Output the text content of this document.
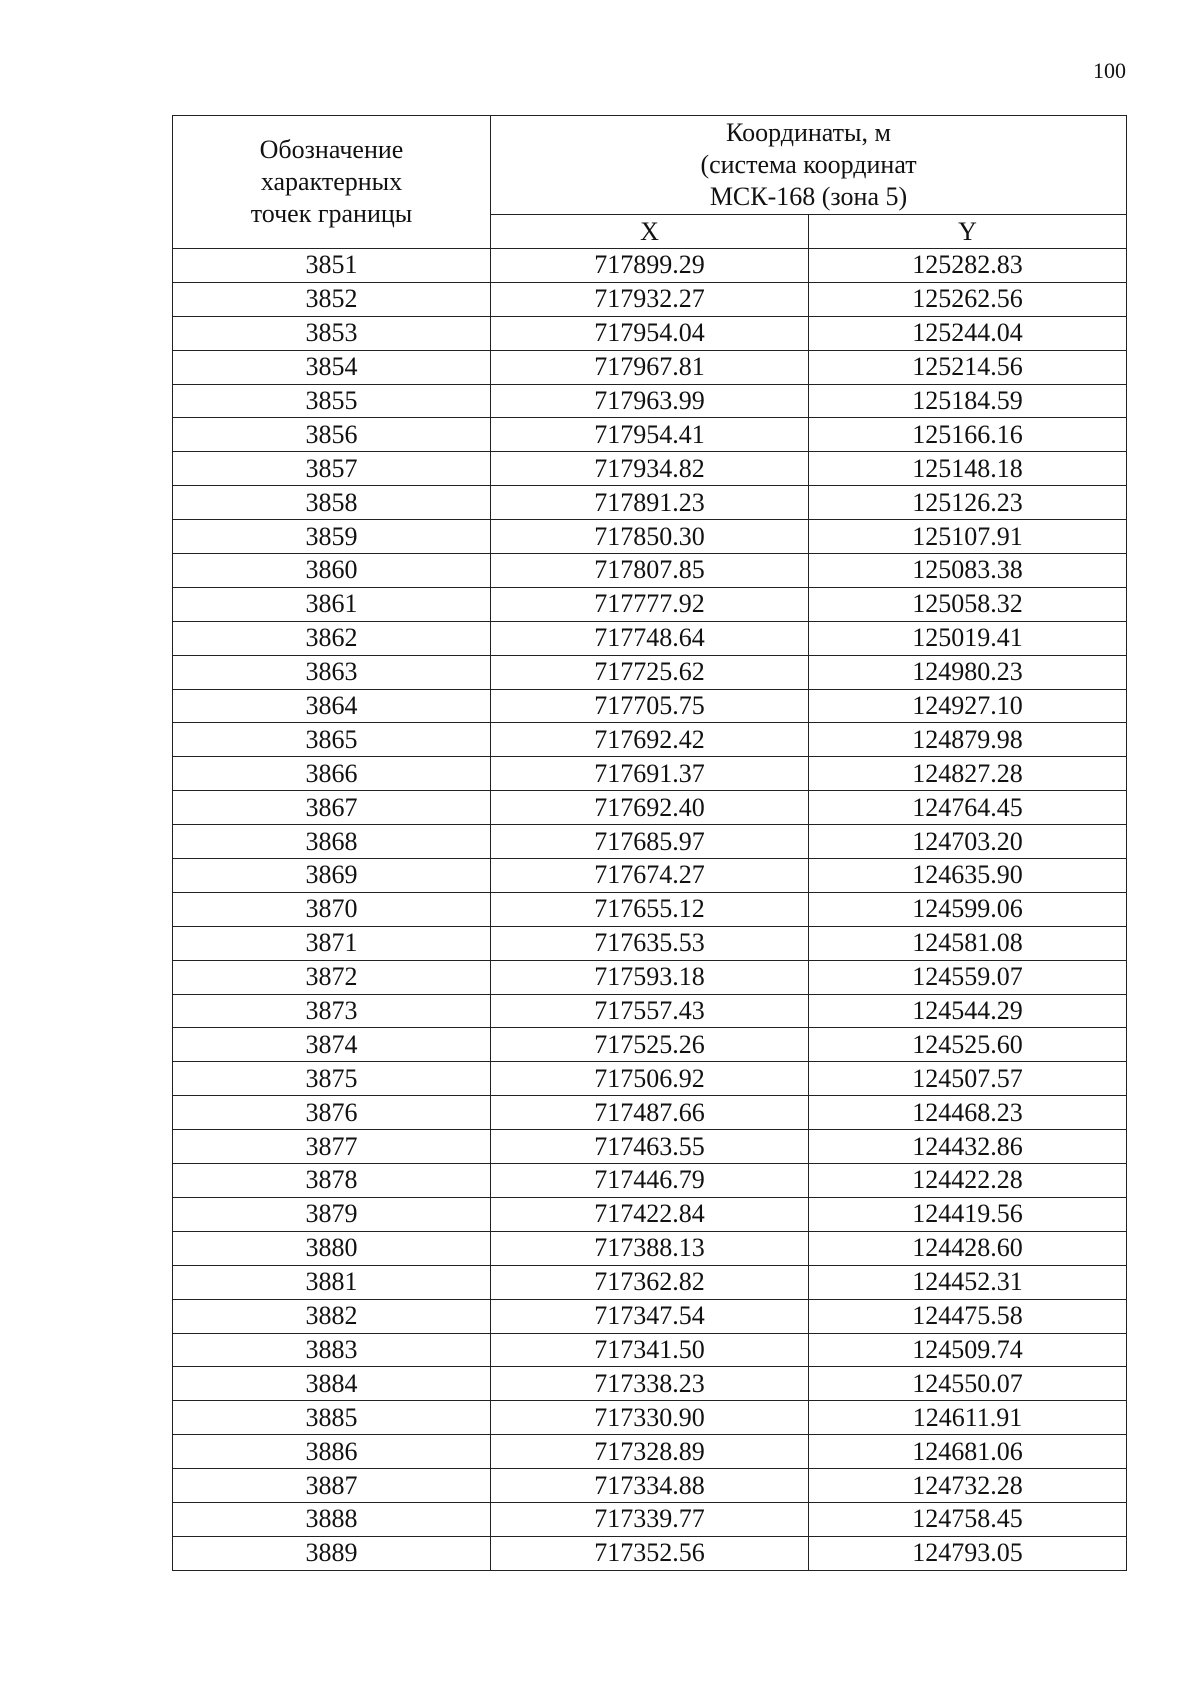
100
Обозначение
характерных
точек границы	Координаты, м
(система координат
МСК-168 (зона 5)	

	X	Y
3851	717899.29	125282.83
3852	717932.27	125262.56
3853	717954.04	125244.04
3854	717967.81	125214.56
3855	717963.99	125184.59
3856	717954.41	125166.16
3857	717934.82	125148.18
3858	717891.23	125126.23
3859	717850.30	125107.91
3860	717807.85	125083.38
3861	717777.92	125058.32
3862	717748.64	125019.41
3863	717725.62	124980.23
3864	717705.75	124927.10
3865	717692.42	124879.98
3866	717691.37	124827.28
3867	717692.40	124764.45
3868	717685.97	124703.20
3869	717674.27	124635.90
3870	717655.12	124599.06
3871	717635.53	124581.08
3872	717593.18	124559.07
3873	717557.43	124544.29
3874	717525.26	124525.60
3875	717506.92	124507.57
3876	717487.66	124468.23
3877	717463.55	124432.86
3878	717446.79	124422.28
3879	717422.84	124419.56
3880	717388.13	124428.60
3881	717362.82	124452.31
3882	717347.54	124475.58
3883	717341.50	124509.74
3884	717338.23	124550.07
3885	717330.90	124611.91
3886	717328.89	124681.06
3887	717334.88	124732.28
3888	717339.77	124758.45
3889	717352.56	124793.05
